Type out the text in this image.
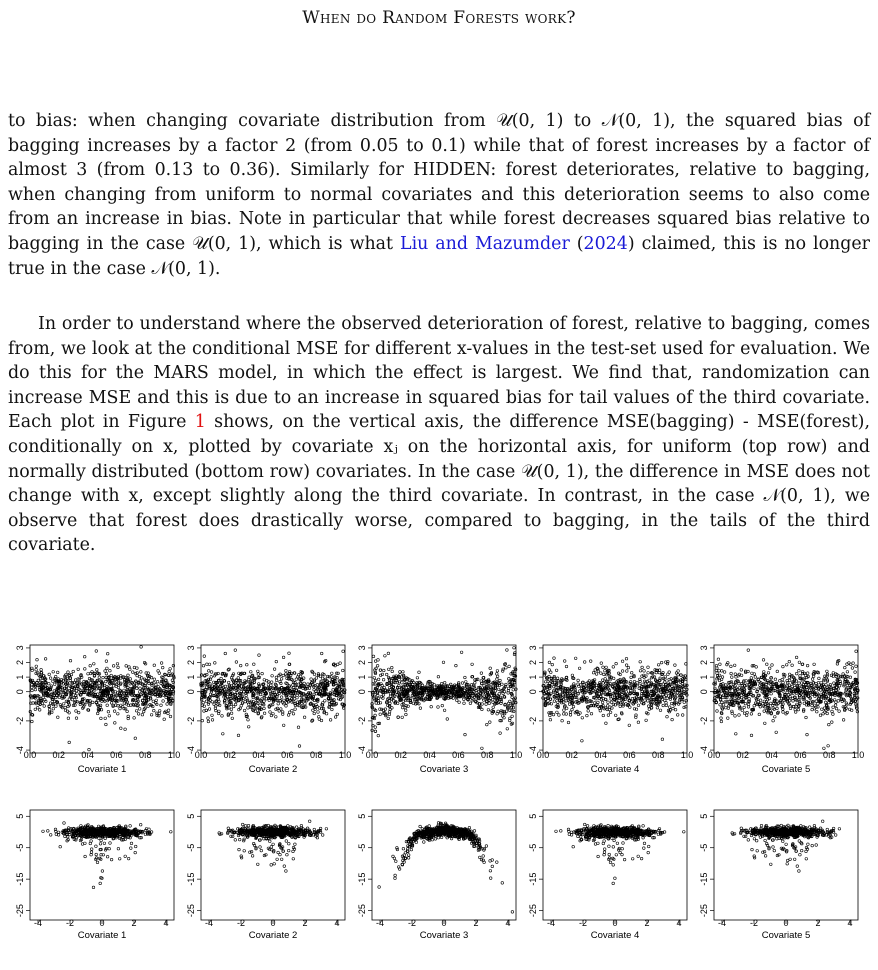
When do Random Forests work?
to bias: when changing covariate distribution from 𝒰(0, 1) to 𝒩(0, 1), the squared bias of bagging increases by a factor 2 (from 0.05 to 0.1) while that of forest increases by a factor of almost 3 (from 0.13 to 0.36). Similarly for HIDDEN: forest deteriorates, relative to bagging, when changing from uniform to normal covariates and this deterioration seems to also come from an increase in bias. Note in particular that while forest decreases squared bias relative to bagging in the case 𝒰(0, 1), which is what Liu and Mazumder (2024) claimed, this is no longer true in the case 𝒩(0, 1).
In order to understand where the observed deterioration of forest, relative to bagging, comes from, we look at the conditional MSE for different x-values in the test-set used for evaluation. We do this for the MARS model, in which the effect is largest. We find that, randomization can increase MSE and this is due to an increase in squared bias for tail values of the third covariate. Each plot in Figure 1 shows, on the vertical axis, the difference MSE(bagging) - MSE(forest), conditionally on x, plotted by covariate xⱼ on the horizontal axis, for uniform (top row) and normally distributed (bottom row) covariates. In the case 𝒰(0, 1), the difference in MSE does not change with x, except slightly along the third covariate. In contrast, in the case 𝒩(0, 1), we observe that forest does drastically worse, compared to bagging, in the tails of the third covariate.
0.0 0.2 0.4 0.6 0.8 1.0
-4
-2
0
1
2
3
Covariate 1
0.0 0.2 0.4 0.6 0.8 1.0
-4
-2
0
1
2
3
Covariate 2
0.0 0.2 0.4 0.6 0.8 1.0
-4
-2
0
1
2
3
Covariate 3
0.0 0.2 0.4 0.6 0.8 1.0
-4
-2
0
1
2
3
Covariate 4
0.0 0.2 0.4 0.6 0.8 1.0
-4
-2
0
1
2
3
Covariate 5
-4	-2	0	2	4
-25
-15
-5
5
Covariate 1
-4	-2	0	2	4
-25
-15
-5
5
Covariate 2
-4	-2	0	2	4
-25
-15
-5
5
Covariate 3
-4	-2	0	2	4
-25
-15
-5
5
Covariate 4
-4	-2	0	2	4
-25
-15
-5
5
Covariate 5
